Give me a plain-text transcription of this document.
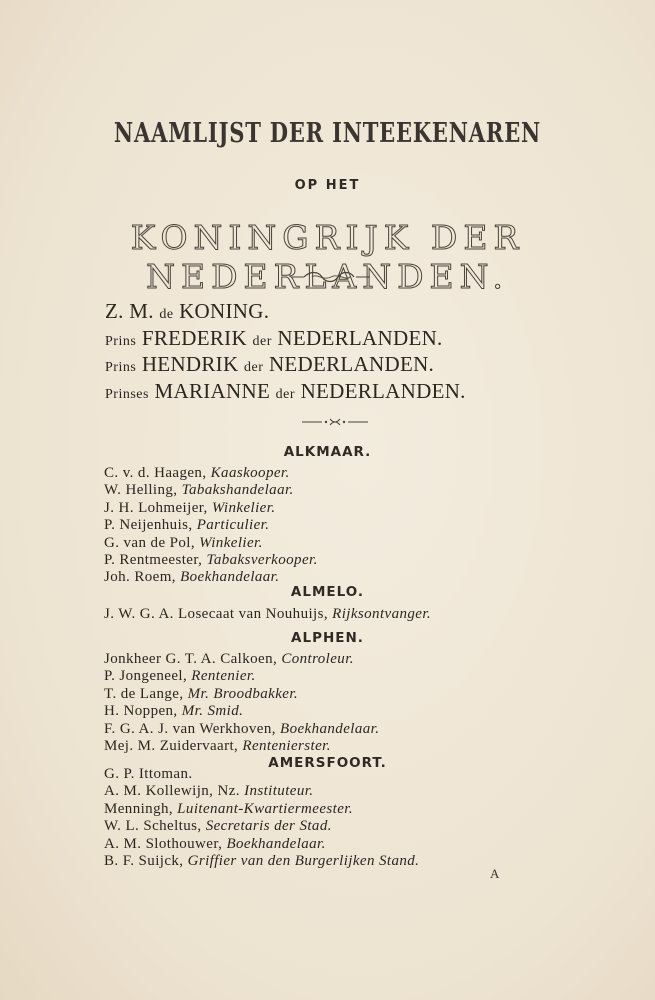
NAAMLIJST DER INTEEKENAREN
OP HET
KONINGRIJK DER NEDERLANDEN.
Z. M. de KONING.
Prins FREDERIK der NEDERLANDEN.
Prins HENDRIK der NEDERLANDEN.
Prinses MARIANNE der NEDERLANDEN.
ALKMAAR.
C. v. d. Haagen, Kaaskooper.
W. Helling, Tabakshandelaar.
J. H. Lohmeijer, Winkelier.
P. Neijenhuis, Particulier.
G. van de Pol, Winkelier.
P. Rentmeester, Tabaksverkooper.
Joh. Roem, Boekhandelaar.
ALMELO.
J. W. G. A. Losecaat van Nouhuijs, Rijksontvanger.
ALPHEN.
Jonkheer G. T. A. Calkoen, Controleur.
P. Jongeneel, Rentenier.
T. de Lange, Mr. Broodbakker.
H. Noppen, Mr. Smid.
F. G. A. J. van Werkhoven, Boekhandelaar.
Mej. M. Zuidervaart, Rentenierster.
AMERSFOORT.
G. P. Ittoman.
A. M. Kollewijn, Nz. Instituteur.
Menningh, Luitenant-Kwartiermeester.
W. L. Scheltus, Secretaris der Stad.
A. M. Slothouwer, Boekhandelaar.
B. F. Suijck, Griffier van den Burgerlijken Stand.
A
